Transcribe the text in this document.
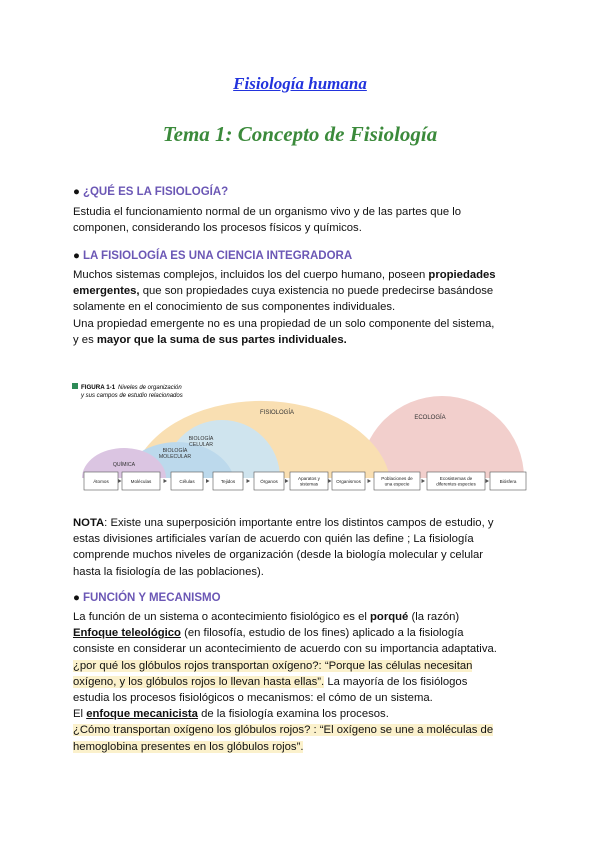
Fisiología humana
Tema 1: Concepto de Fisiología

● ¿QUÉ ES LA FISIOLOGÍA?

Estudia el funcionamiento normal de un organismo vivo y de las partes que lo
componen, considerando los procesos físicos y químicos.

● LA FISIOLOGÍA ES UNA CIENCIA INTEGRADORA

Muchos sistemas complejos, incluidos los del cuerpo humano, poseen propiedades
emergentes, que son propiedades cuya existencia no puede predecirse basándose
solamente en el conocimiento de sus componentes individuales.
Una propiedad emergente no es una propiedad de un solo componente del sistema,
y es mayor que la suma de sus partes individuales.

FIGURA 1-1 Niveles de organización
y sus campos de estudio relacionados
FISIOLOGÍA
ECOLOGÍA
BIOLOGÍA CELULAR
BIOLOGÍA MOLECULAR
QUÍMICA
Átomos	Moléculas	Células	Tejidos	Órganos
Aparatos y sistemas	Organismos
Poblaciones de una especie
Ecosistemas de diferentes especies	Biósfera

NOTA: Existe una superposición importante entre los distintos campos de estudio, y
estas divisiones artificiales varían de acuerdo con quién las define ; La fisiología
comprende muchos niveles de organización (desde la biología molecular y celular
hasta la fisiología de las poblaciones).

● FUNCIÓN Y MECANISMO

La función de un sistema o acontecimiento fisiológico es el porqué (la razón)
Enfoque teleológico (en filosofía, estudio de los fines) aplicado a la fisiología
consiste en considerar un acontecimiento de acuerdo con su importancia adaptativa.
¿por qué los glóbulos rojos transportan oxígeno?: “Porque las células necesitan
oxígeno, y los glóbulos rojos lo llevan hasta ellas”. La mayoría de los fisiólogos
estudia los procesos fisiológicos o mecanismos: el cómo de un sistema.
El enfoque mecanicista de la fisiología examina los procesos.
¿Cómo transportan oxígeno los glóbulos rojos? : “El oxígeno se une a moléculas de
hemoglobina presentes en los glóbulos rojos”.
